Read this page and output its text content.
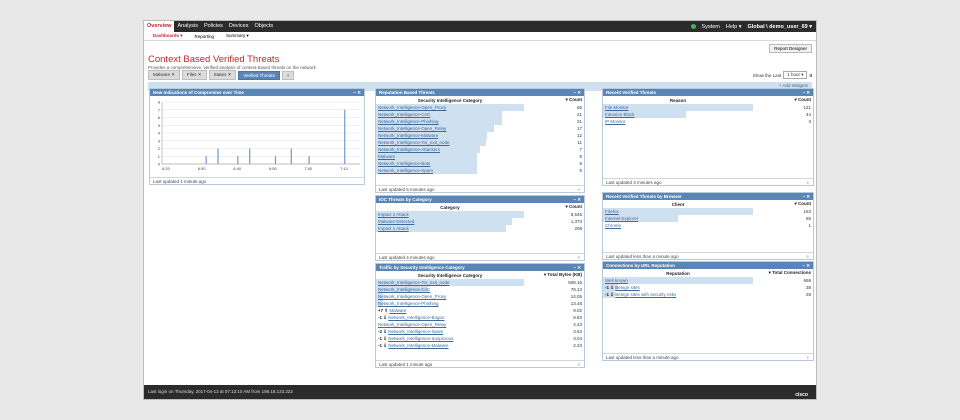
Overview	Analysis	Policies	Devices	Objects	System Help ▾ Global \ demo_user_69 ▾
Dashboards ▾	Reporting	Summary ▾
Context Based Verified Threats
Provides a comprehensive, verified analysis of context-based threats on the network
Report Designer
Malware ✕	Files ✕	States ✕	Verified Threats	+	Show the Last	1 hour ▾	II
+ Add Widgets
New Indications of Compromise over Time	− ✕
0
1
2
3
4
5
6
7
8
6:20	6:30	6:40	6:50	7:00	7:10
Last updated 1 minute ago
Reputation Based Threats	− ✕
Security Intelligence Category	▾ Count

Network_Intelligence-Open_Proxy	66

Network_Intelligence-CnC	21

Network_Intelligence-Phishing	21

Network_Intelligence-Open_Relay	17

Network_Intelligence-Malware	12

Network_Intelligence-Tor_exit_node	11

Network_Intelligence-Attackers	7

Malware	5

Network_Intelligence-Bots	5

Network_Intelligence-Spam	5
Last updated 5 minutes ago	⌕
IOC Threats by Category	− ✕
Category	▾ Count

Impact 2 Attack	8,545

Malware Detected	1,373

Impact 1 Attack	208
Last updated 4 minutes ago	⌕
Traffic by Security Intelligence Category	− ✕
Security Intelligence Category	▾ Total Bytes (KB)

Network_Intelligence-Tor_exit_node	508.16

Network_Intelligence-CnC	78.13

Network_Intelligence-Open_Proxy	14.05

Network_Intelligence-Phishing	13.48

+7 ⇧ Malware	9.02

-1 ⇩ Network_Intelligence-Bogon	8.83

Network_Intelligence-Open_Relay	4.43

-2 ⇩ Network_Intelligence-Spam	3.63

-1 ⇩ Network_Intelligence-Suspicious	3.04

-1 ⇩ Network_Intelligence-Malware	2.23
Last updated 1 minute ago	⌕
Recent Verified Threats	− ✕
Reason	▾ Count

File Monitor	121

Intrusion Block	44

IP Monitor	3
Last updated 3 minutes ago	⌕
Recent Verified Threats by Browser	− ✕
Client	▾ Count

Firefox	163

Internet Explorer	65

Chrome	1
Last updated less than a minute ago	⌕
Connections by URL Reputation	− ✕
Reputation	▾ Total Connections

Well known	699

-1 ⇩ Benign sites	38

-1 ⇩ Benign sites with security risks	28
Last updated less than a minute ago	⌕
Last login on Thursday, 2017-04-13 at 07:13:10 AM from 198.18.133.222
cisco
